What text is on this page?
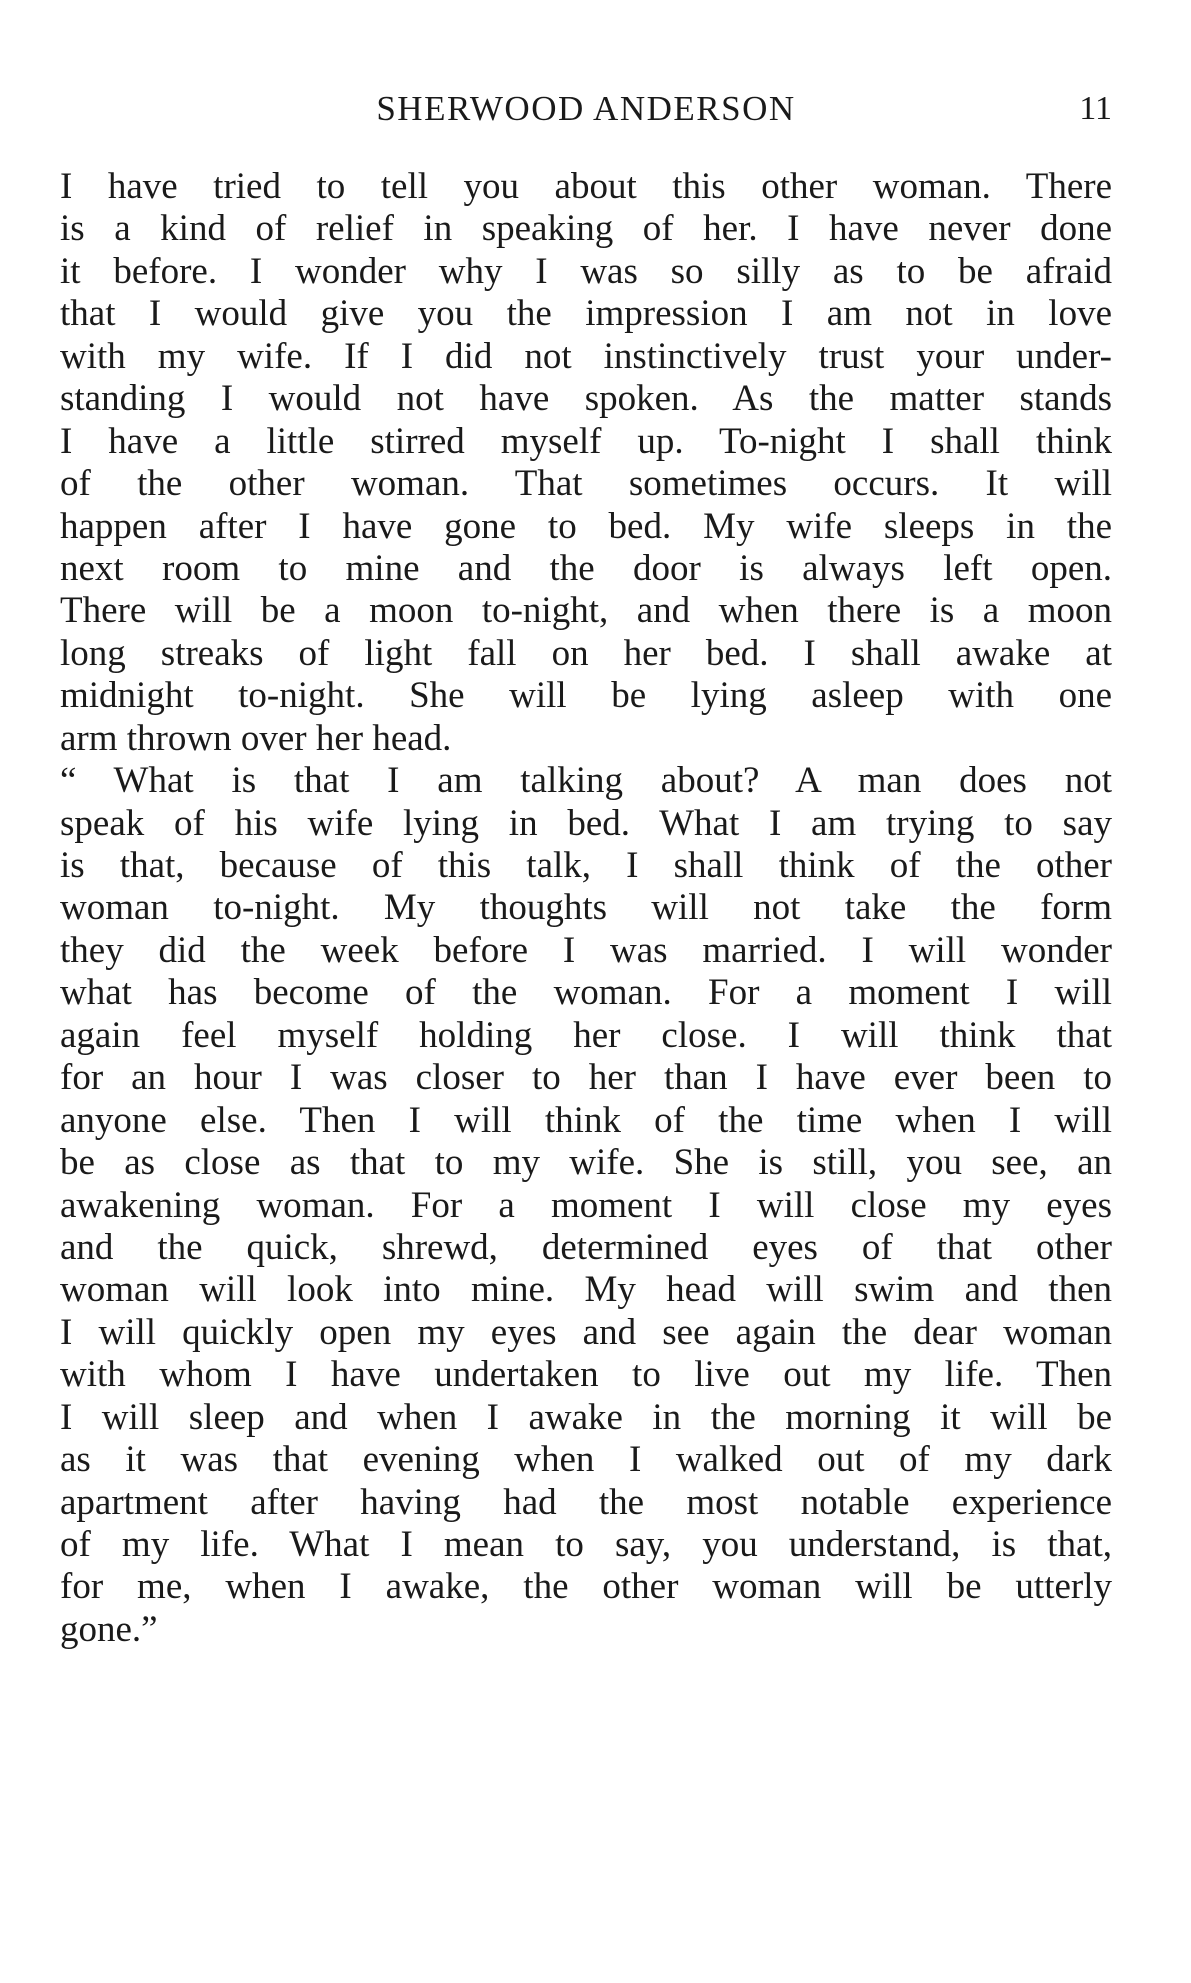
SHERWOOD ANDERSON	11
I have tried to tell you about this other woman. There
is a kind of relief in speaking of her. I have never done
it before. I wonder why I was so silly as to be afraid
that I would give you the impression I am not in love
with my wife. If I did not instinctively trust your under-
standing I would not have spoken. As the matter stands
I have a little stirred myself up. To-night I shall think
of the other woman. That sometimes occurs. It will
happen after I have gone to bed. My wife sleeps in the
next room to mine and the door is always left open.
There will be a moon to-night, and when there is a moon
long streaks of light fall on her bed. I shall awake at
midnight to-night. She will be lying asleep with one
arm thrown over her head.
“ What is that I am talking about? A man does not
speak of his wife lying in bed. What I am trying to say
is that, because of this talk, I shall think of the other
woman to-night. My thoughts will not take the form
they did the week before I was married. I will wonder
what has become of the woman. For a moment I will
again feel myself holding her close. I will think that
for an hour I was closer to her than I have ever been to
anyone else. Then I will think of the time when I will
be as close as that to my wife. She is still, you see, an
awakening woman. For a moment I will close my eyes
and the quick, shrewd, determined eyes of that other
woman will look into mine. My head will swim and then
I will quickly open my eyes and see again the dear woman
with whom I have undertaken to live out my life. Then
I will sleep and when I awake in the morning it will be
as it was that evening when I walked out of my dark
apartment after having had the most notable experience
of my life. What I mean to say, you understand, is that,
for me, when I awake, the other woman will be utterly
gone.”
